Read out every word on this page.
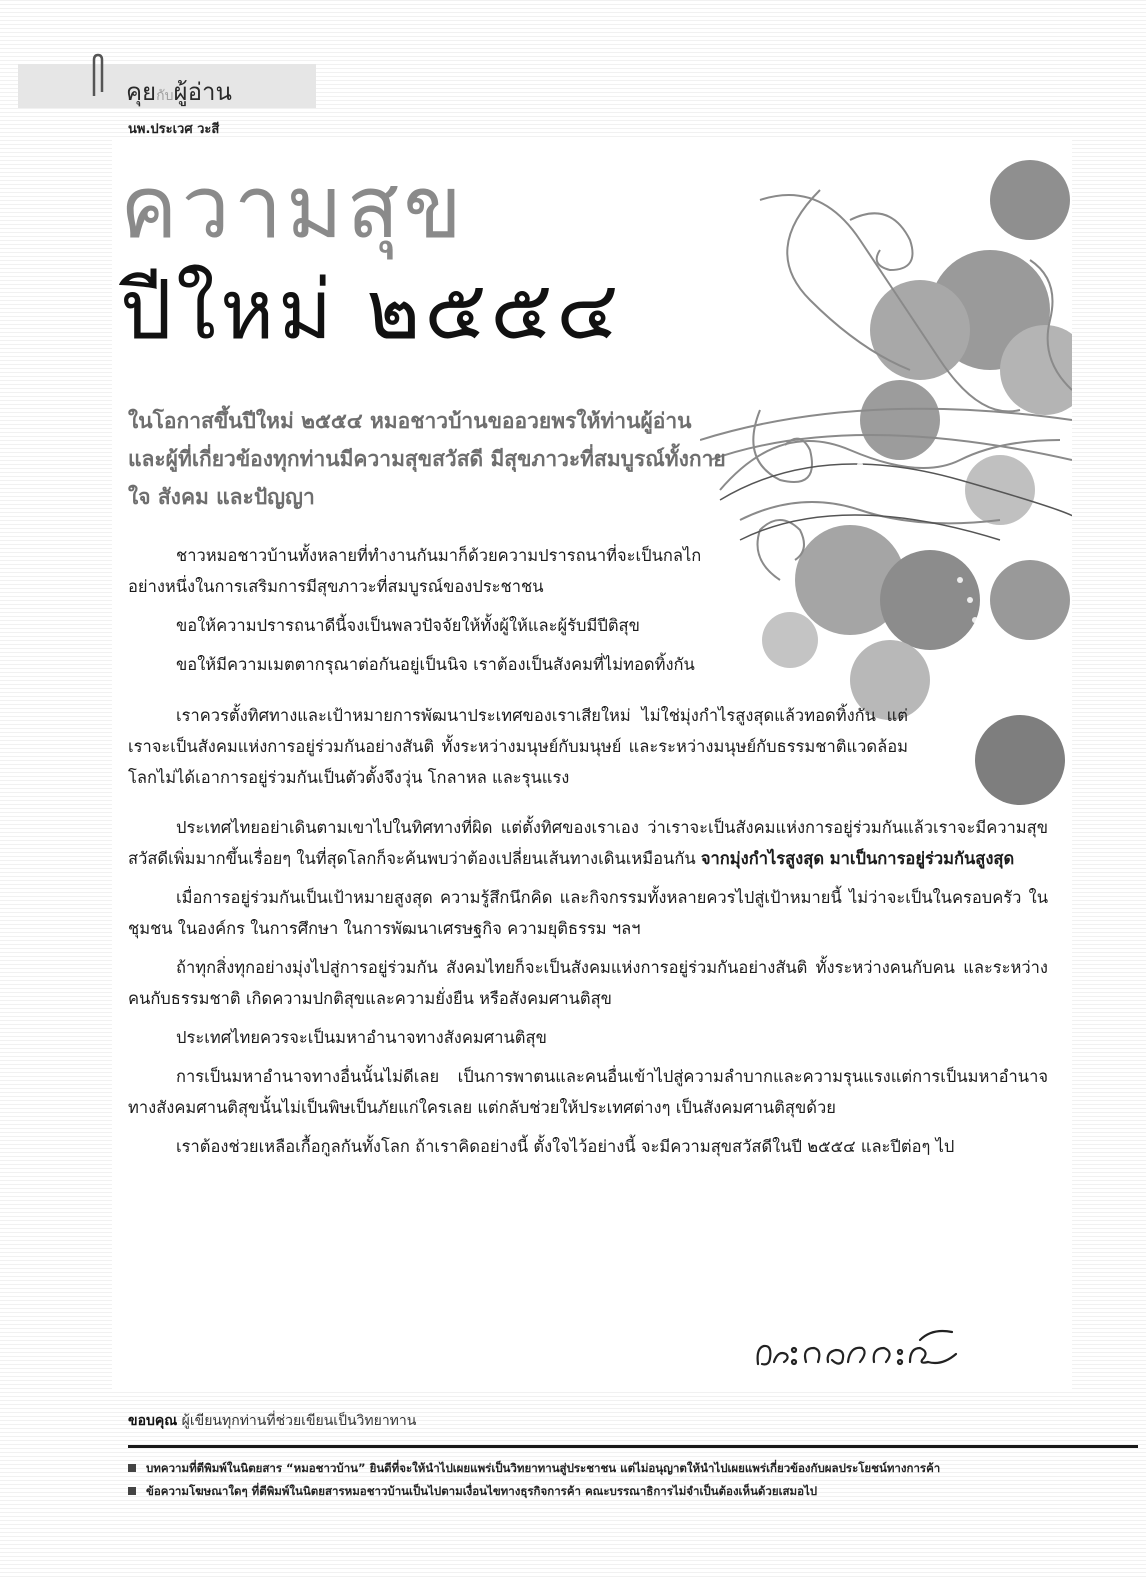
คุยกับผู้อ่าน
นพ.ประเวศ วะสี
ความสุข
ปีใหม่ ๒๕๕๔
ในโอกาสขึ้นปีใหม่ ๒๕๕๔ หมอชาวบ้านขออวยพรให้ท่านผู้อ่านและผู้ที่เกี่ยวข้องทุกท่านมีความสุขสวัสดี มีสุขภาวะที่สมบูรณ์ทั้งกาย ใจ สังคม และปัญญา

ชาวหมอชาวบ้านทั้งหลายที่ทำงานกันมาก็ด้วยความปรารถนาที่จะเป็นกลไกอย่างหนึ่งในการเสริมการมีสุขภาวะที่สมบูรณ์ของประชาชน

ขอให้ความปรารถนาดีนี้จงเป็นพลวปัจจัยให้ทั้งผู้ให้และผู้รับมีปีติสุข

ขอให้มีความเมตตากรุณาต่อกันอยู่เป็นนิจ เราต้องเป็นสังคมที่ไม่ทอดทิ้งกัน

เราควรตั้งทิศทางและเป้าหมายการพัฒนาประเทศของเราเสียใหม่ ไม่ใช่มุ่งกำไรสูงสุดแล้วทอดทิ้งกัน แต่เราจะเป็นสังคมแห่งการอยู่ร่วมกันอย่างสันติ ทั้งระหว่างมนุษย์กับมนุษย์ และระหว่างมนุษย์กับธรรมชาติแวดล้อม โลกไม่ได้เอาการอยู่ร่วมกันเป็นตัวตั้งจึงวุ่น โกลาหล และรุนแรง

ประเทศไทยอย่าเดินตามเขาไปในทิศทางที่ผิด แต่ตั้งทิศของเราเอง ว่าเราจะเป็นสังคมแห่งการอยู่ร่วมกันแล้วเราจะมีความสุขสวัสดีเพิ่มมากขึ้นเรื่อยๆ ในที่สุดโลกก็จะค้นพบว่าต้องเปลี่ยนเส้นทางเดินเหมือนกัน จากมุ่งกำไรสูงสุด มาเป็นการอยู่ร่วมกันสูงสุด

เมื่อการอยู่ร่วมกันเป็นเป้าหมายสูงสุด ความรู้สึกนึกคิด และกิจกรรมทั้งหลายควรไปสู่เป้าหมายนี้ ไม่ว่าจะเป็นในครอบครัว ในชุมชน ในองค์กร ในการศึกษา ในการพัฒนาเศรษฐกิจ ความยุติธรรม ฯลฯ

ถ้าทุกสิ่งทุกอย่างมุ่งไปสู่การอยู่ร่วมกัน สังคมไทยก็จะเป็นสังคมแห่งการอยู่ร่วมกันอย่างสันติ ทั้งระหว่างคนกับคน และระหว่างคนกับธรรมชาติ เกิดความปกติสุขและความยั่งยืน หรือสังคมศานติสุข

ประเทศไทยควรจะเป็นมหาอำนาจทางสังคมศานติสุข

การเป็นมหาอำนาจทางอื่นนั้นไม่ดีเลย เป็นการพาตนและคนอื่นเข้าไปสู่ความลำบากและความรุนแรงแต่การเป็นมหาอำนาจทางสังคมศานติสุขนั้นไม่เป็นพิษเป็นภัยแก่ใครเลย แต่กลับช่วยให้ประเทศต่างๆ เป็นสังคมศานติสุขด้วย

เราต้องช่วยเหลือเกื้อกูลกันทั้งโลก ถ้าเราคิดอย่างนี้ ตั้งใจไว้อย่างนี้ จะมีความสุขสวัสดีในปี ๒๕๕๔ และปีต่อๆ ไป

ขอบคุณ ผู้เขียนทุกท่านที่ช่วยเขียนเป็นวิทยาทาน
บทความที่ตีพิมพ์ในนิตยสาร “หมอชาวบ้าน” ยินดีที่จะให้นำไปเผยแพร่เป็นวิทยาทานสู่ประชาชน แต่ไม่อนุญาตให้นำไปเผยแพร่เกี่ยวข้องกับผลประโยชน์ทางการค้า
ข้อความโฆษณาใดๆ ที่ตีพิมพ์ในนิตยสารหมอชาวบ้านเป็นไปตามเงื่อนไขทางธุรกิจการค้า คณะบรรณาธิการไม่จำเป็นต้องเห็นด้วยเสมอไป
